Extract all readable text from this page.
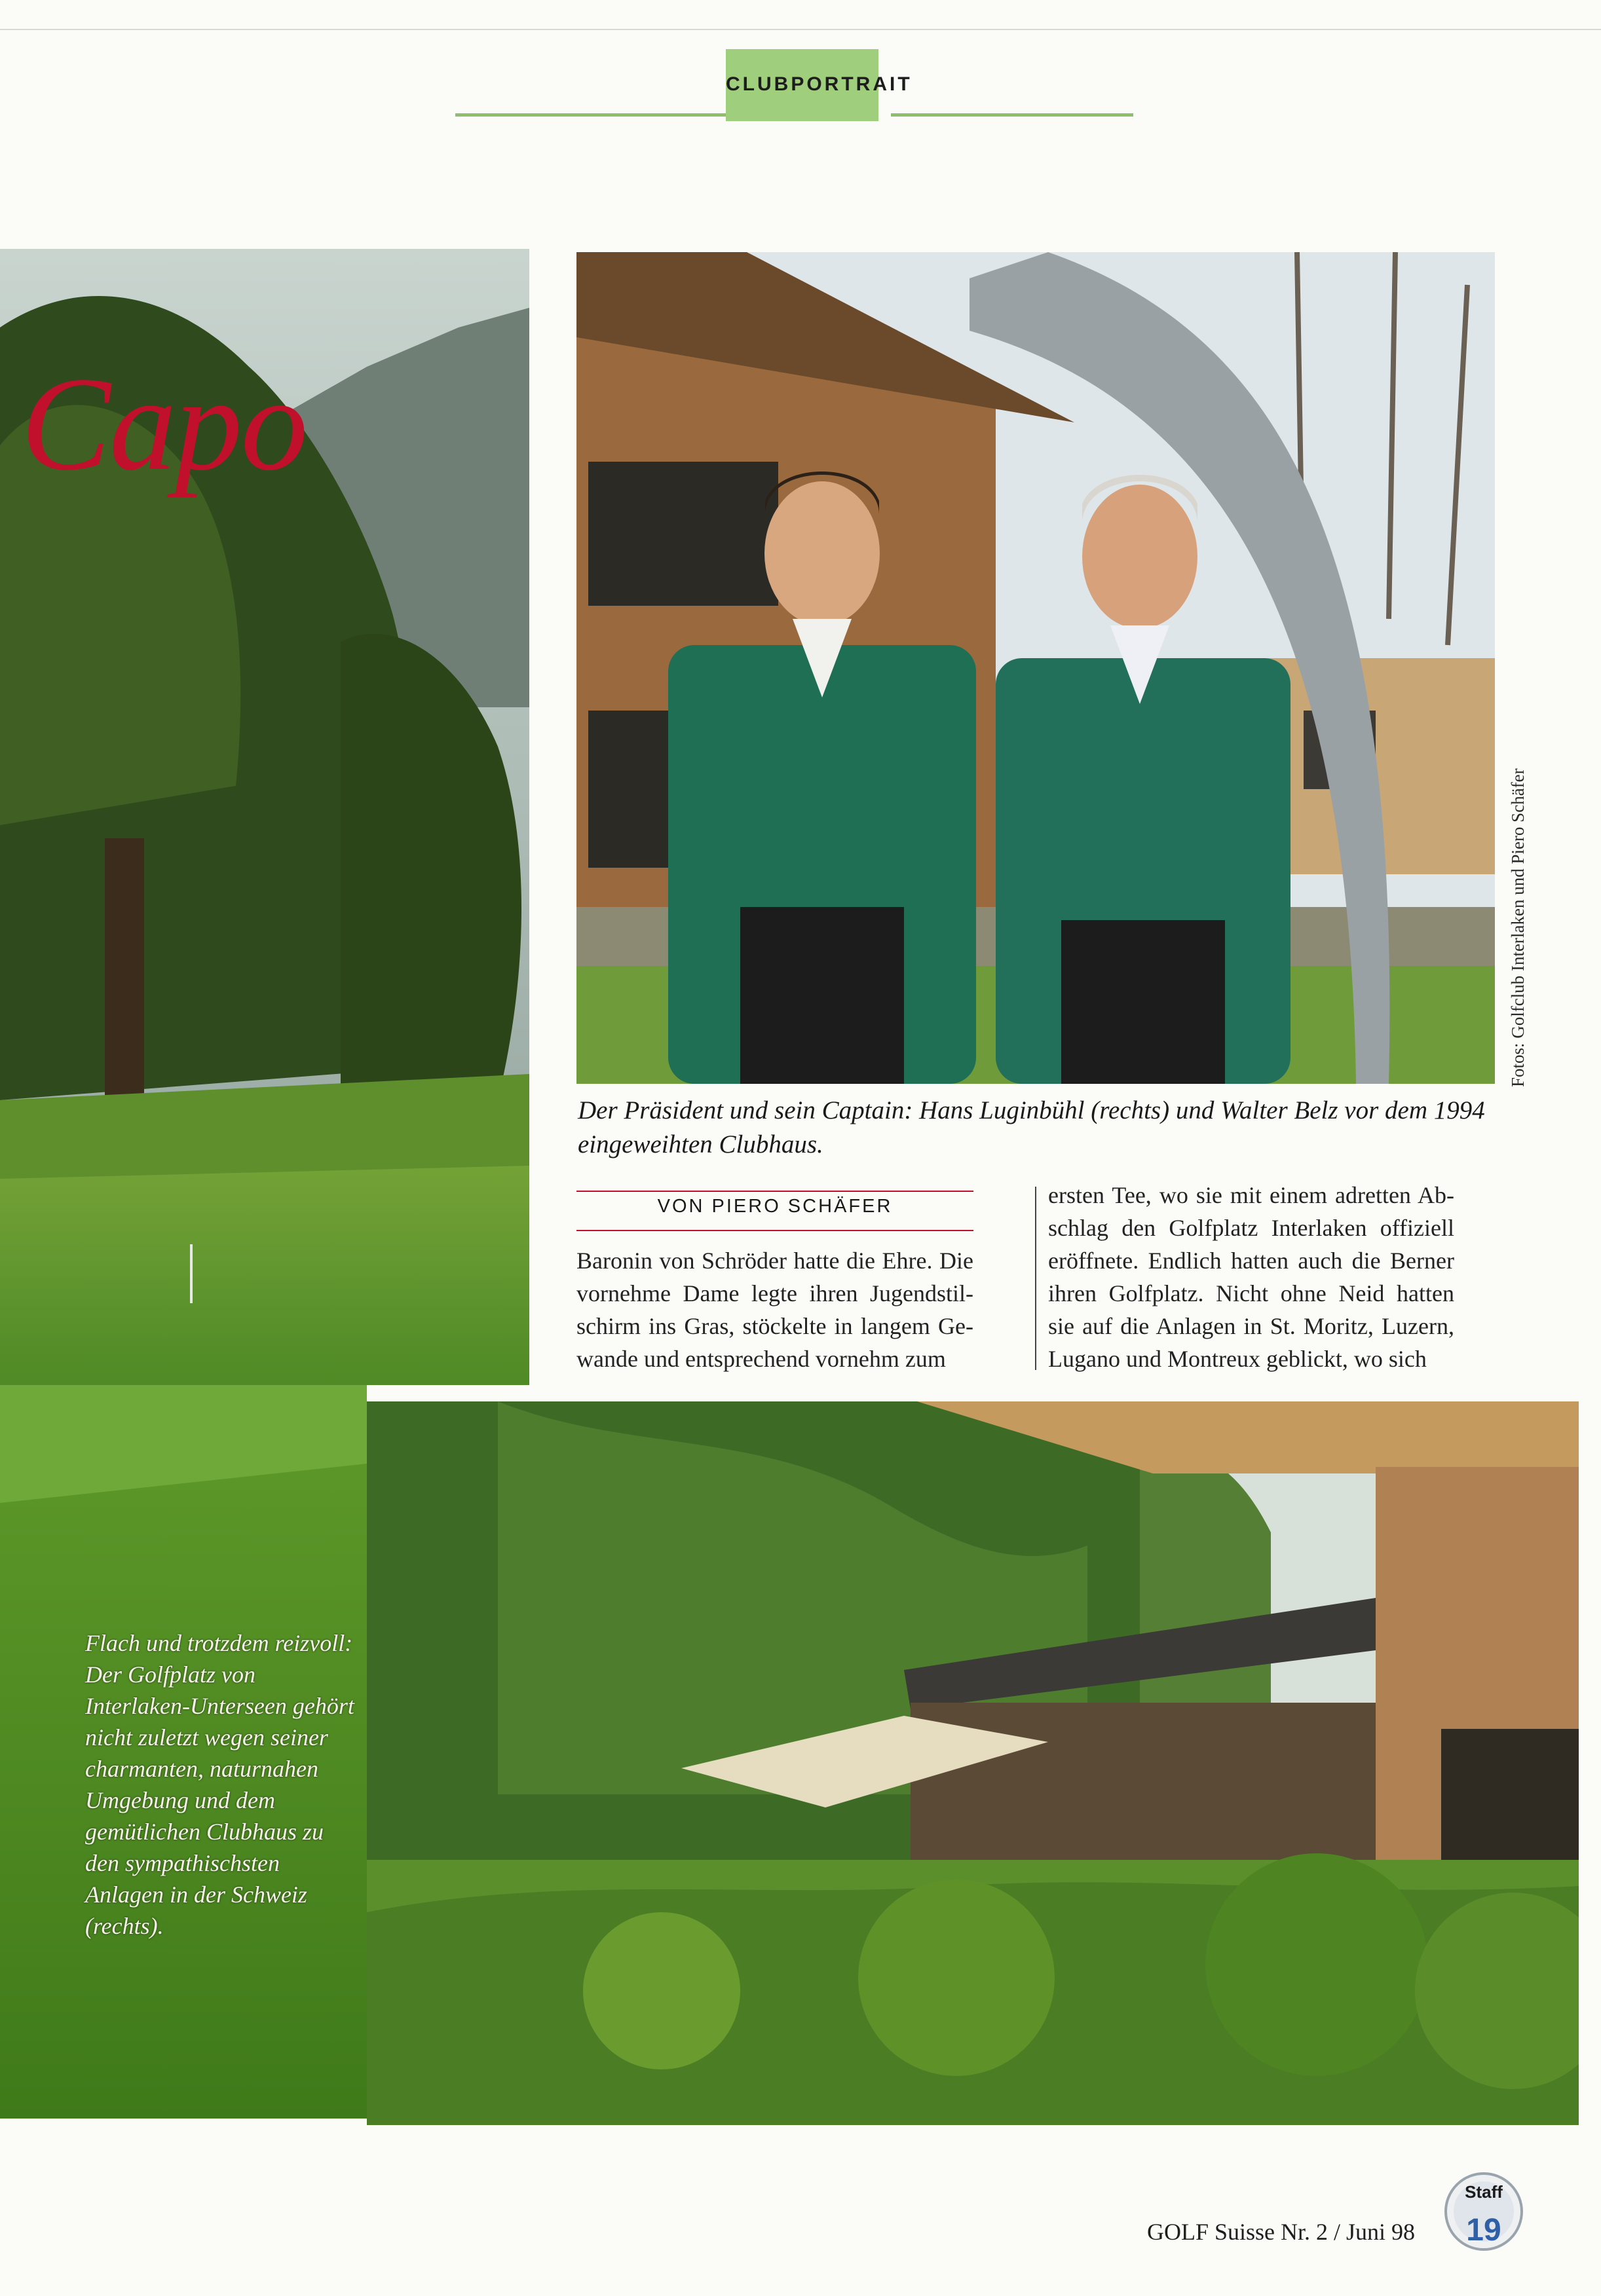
CLUBPORTRAIT
Capo
Fotos: Golfclub Interlaken und Piero Schäfer
Der Präsident und sein Captain: Hans Luginbühl (rechts) und Walter Belz vor dem 1994 eingeweihten Clubhaus.
VON PIERO SCHÄFER
Baronin von Schröder hatte die Ehre. Die vornehme Dame legte ihren Jugendstilschirm ins Gras, stöckelte in langem Gewande und entsprechend vornehm zum
ersten Tee, wo sie mit einem adretten Abschlag den Golfplatz Interlaken offiziell eröffnete. Endlich hatten auch die Berner ihren Golfplatz. Nicht ohne Neid hatten sie auf die Anlagen in St. Moritz, Luzern, Lugano und Montreux geblickt, wo sich
Flach und trotzdem reizvoll: Der Golfplatz von Interlaken-Unterseen gehört nicht zuletzt wegen seiner charmanten, naturnahen Umgebung und dem gemütlichen Clubhaus zu den sympathischsten Anlagen in der Schweiz (rechts).
GOLF Suisse Nr. 2 / Juni 98
Staff
19
